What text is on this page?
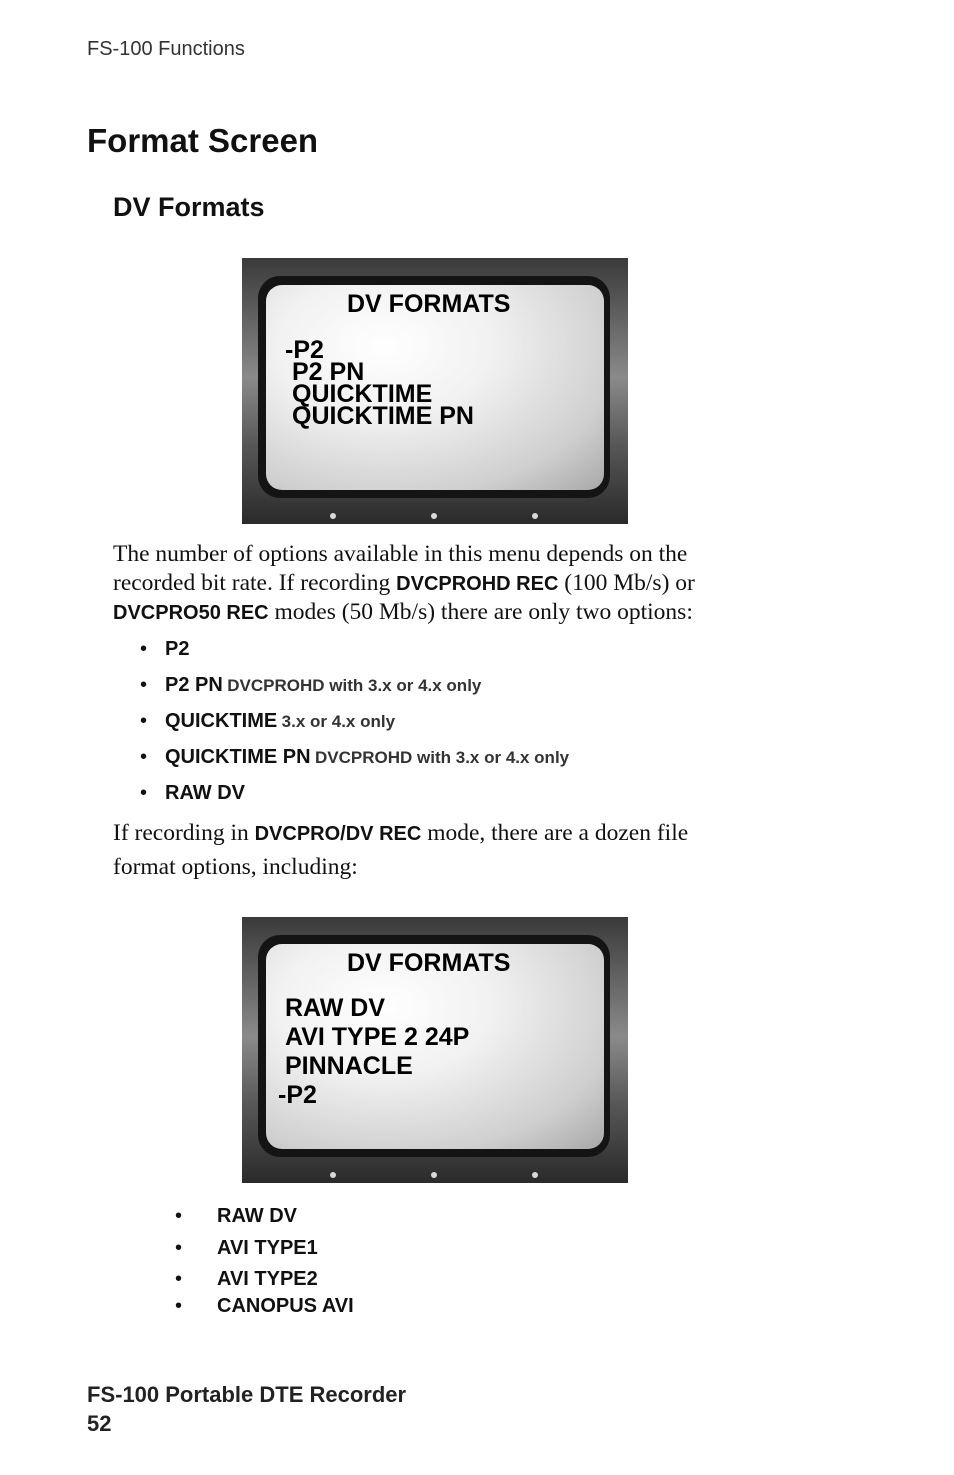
FS-100 Functions
Format Screen
DV Formats
DV FORMATS
-P2
P2 PN
QUICKTIME
QUICKTIME PN
The number of options available in this menu depends on the
recorded bit rate. If recording DVCPROHD REC (100 Mb/s) or
DVCPRO50 REC modes (50 Mb/s) there are only two options:
• P2
• P2 PN DVCPROHD with 3.x or 4.x only
• QUICKTIME 3.x or 4.x only
• QUICKTIME PN DVCPROHD with 3.x or 4.x only
• RAW DV
If recording in DVCPRO/DV REC mode, there are a dozen file
format options, including:
DV FORMATS
RAW DV
AVI TYPE 2 24P
PINNACLE
-P2
• RAW DV
• AVI TYPE1
• AVI TYPE2
• CANOPUS AVI
FS-100 Portable DTE Recorder
52
